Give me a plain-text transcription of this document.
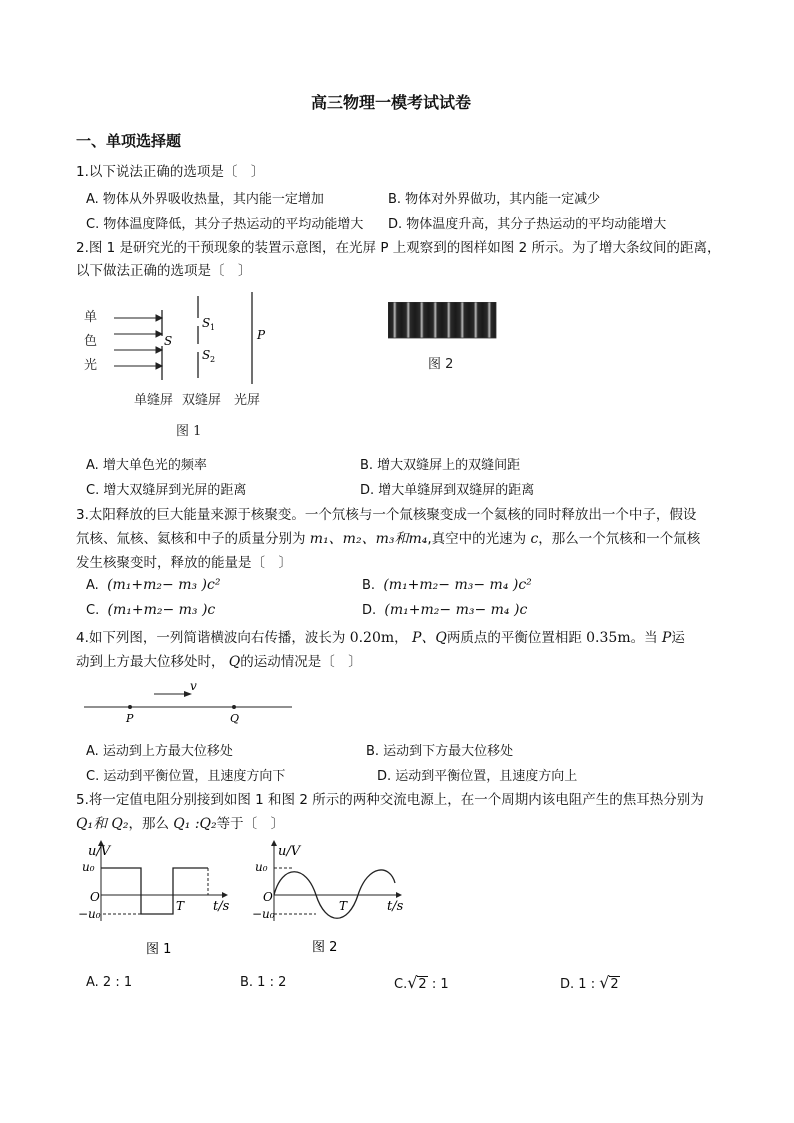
高三物理一模考试试卷
一、单项选择题
1.以下说法正确的选项是〔　〕
A. 物体从外界吸收热量，其内能一定增加	B. 物体对外界做功，其内能一定减少
C. 物体温度降低，其分子热运动的平均动能增大 D. 物体温度升高，其分子热运动的平均动能增大
2.图 1 是研究光的干预现象的装置示意图，在光屏 P 上观察到的图样如图 2 所示。为了增大条纹间的距离，
以下做法正确的选项是〔　〕
单
色
光
S
S 1
S 2
P
单缝屏 双缝屏 光屏
图 1
图 2
A. 增大单色光的频率	B. 增大双缝屏上的双缝间距
C. 增大双缝屏到光屏的距离	D. 增大单缝屏到双缝屏的距离
3.太阳释放的巨大能量来源于核聚变。一个氘核与一个氚核聚变成一个氦核的同时释放出一个中子，假设
氘核、氚核、氦核和中子的质量分别为 m₁、m₂、m₃和m₄,真空中的光速为 c，那么一个氘核和一个氚核
发生核聚变时，释放的能量是〔　〕
A. (m₁+m₂− m₃ )c²	B. (m₁+m₂− m₃− m₄ )c²
C. (m₁+m₂− m₃ )c	D. (m₁+m₂− m₃− m₄ )c
4.如下列图，一列简谐横波向右传播，波长为 0.20m， P、Q两质点的平衡位置相距 0.35m。当 P运
动到上方最大位移处时， Q的运动情况是〔　〕
v
P	Q
A. 运动到上方最大位移处	B. 运动到下方最大位移处
C. 运动到平衡位置，且速度方向下	D. 运动到平衡位置，且速度方向上
5.将一定值电阻分别接到如图 1 和图 2 所示的两种交流电源上，在一个周期内该电阻产生的焦耳热分别为
Q₁和 Q₂，那么 Q₁ :Q₂等于〔　〕
u/V
t/s
u₀
−u₀
O
T
图 1
u/V
t/s
u₀
−u₀
O
T
图 2
A. 2 : 1	B. 1 : 2	C.√2 : 1	D. 1 : √2
